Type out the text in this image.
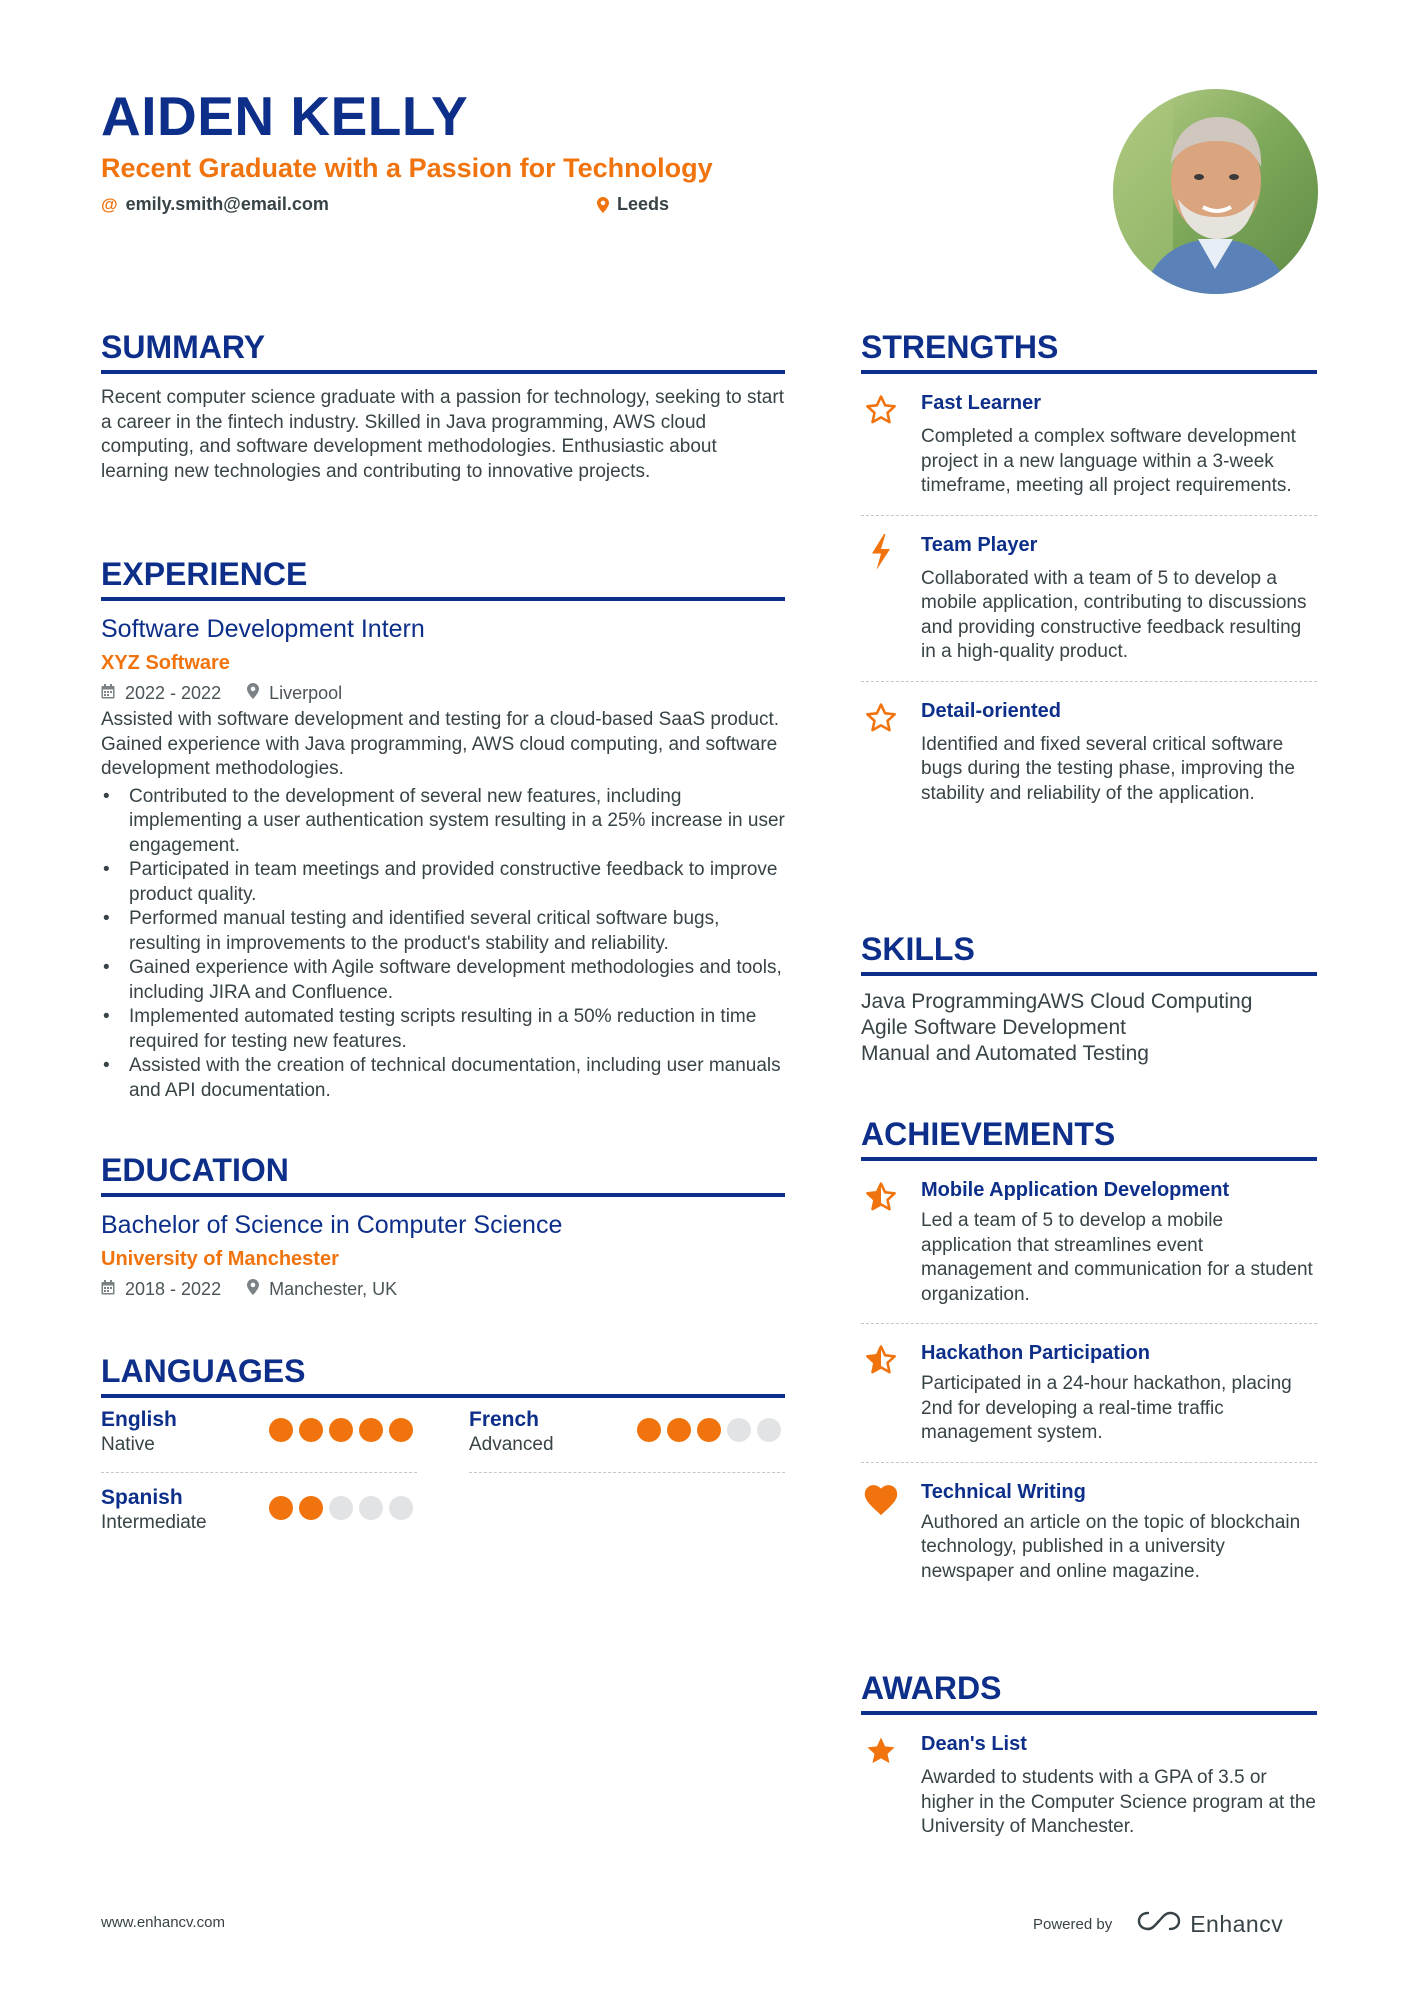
AIDEN KELLY
Recent Graduate with a Passion for Technology
@ emily.smith@email.com	Leeds
SUMMARY
Recent computer science graduate with a passion for technology, seeking to start a career in the fintech industry. Skilled in Java programming, AWS cloud computing, and software development methodologies. Enthusiastic about learning new technologies and contributing to innovative projects.
EXPERIENCE
Software Development Intern
XYZ Software
2022 - 2022	Liverpool
Assisted with software development and testing for a cloud-based SaaS product. Gained experience with Java programming, AWS cloud computing, and software development methodologies.
• Contributed to the development of several new features, including implementing a user authentication system resulting in a 25% increase in user engagement.
• Participated in team meetings and provided constructive feedback to improve product quality.
• Performed manual testing and identified several critical software bugs, resulting in improvements to the product's stability and reliability.
• Gained experience with Agile software development methodologies and tools, including JIRA and Confluence.
• Implemented automated testing scripts resulting in a 50% reduction in time required for testing new features.
• Assisted with the creation of technical documentation, including user manuals and API documentation.
EDUCATION
Bachelor of Science in Computer Science
University of Manchester
2018 - 2022	Manchester, UK
LANGUAGES
English
Native
French
Advanced
Spanish
Intermediate
STRENGTHS
Fast Learner
Completed a complex software development project in a new language within a 3-week timeframe, meeting all project requirements.
Team Player
Collaborated with a team of 5 to develop a mobile application, contributing to discussions and providing constructive feedback resulting in a high-quality product.
Detail-oriented
Identified and fixed several critical software bugs during the testing phase, improving the stability and reliability of the application.
SKILLS
Java ProgrammingAWS Cloud Computing
Agile Software Development
Manual and Automated Testing
ACHIEVEMENTS
Mobile Application Development
Led a team of 5 to develop a mobile application that streamlines event management and communication for a student organization.
Hackathon Participation
Participated in a 24-hour hackathon, placing 2nd for developing a real-time traffic management system.
Technical Writing
Authored an article on the topic of blockchain technology, published in a university newspaper and online magazine.
AWARDS
Dean's List
Awarded to students with a GPA of 3.5 or higher in the Computer Science program at the University of Manchester.
www.enhancv.com	Powered by	Enhancv
